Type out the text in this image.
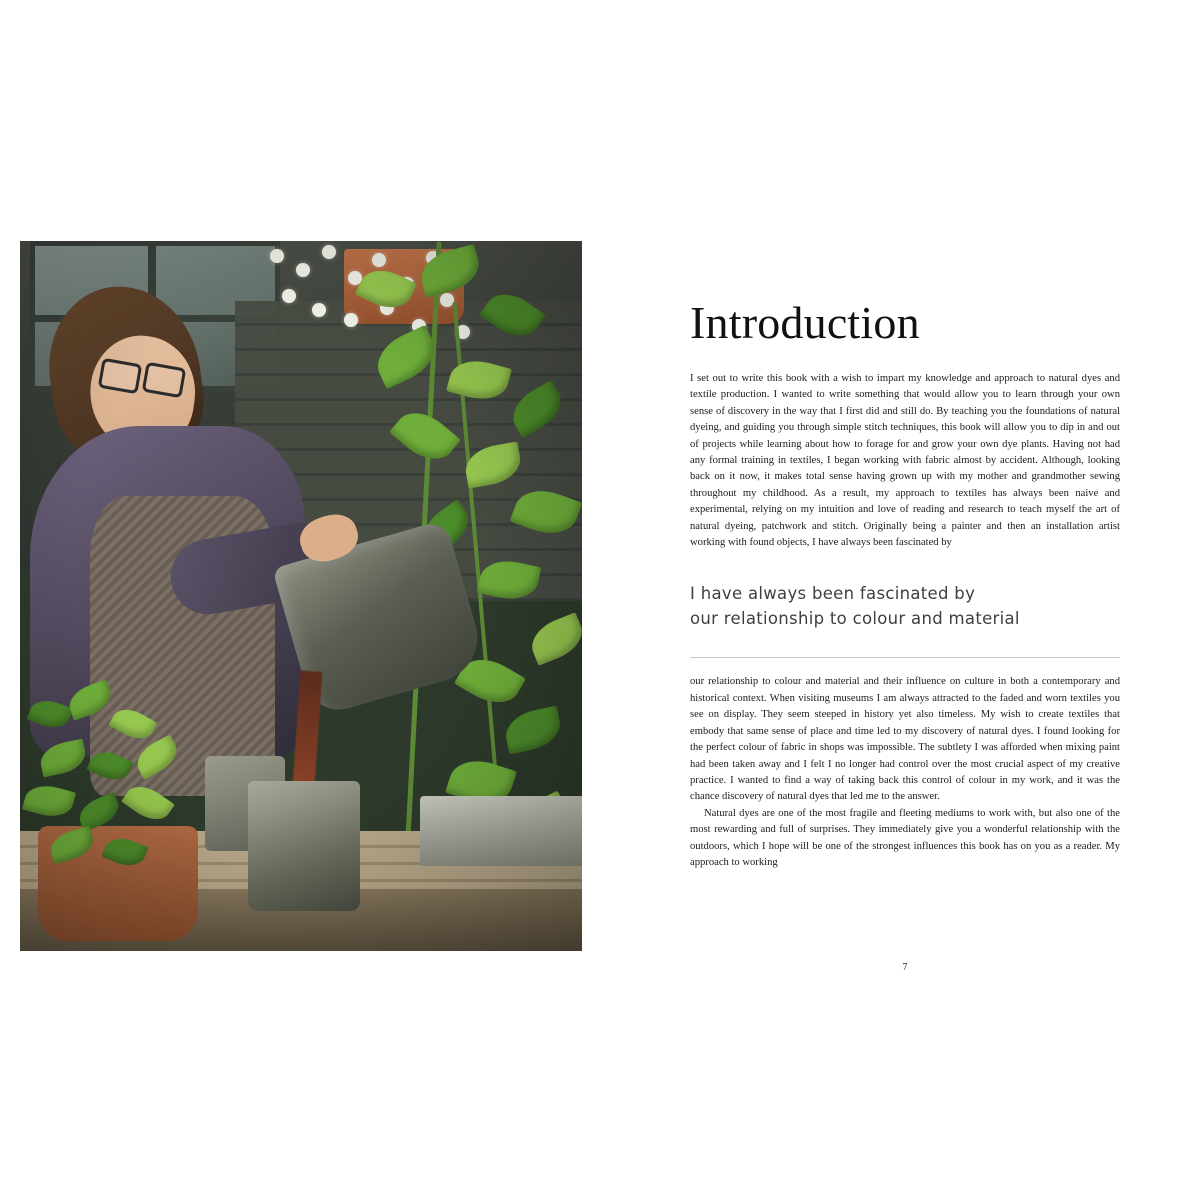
Introduction

I set out to write this book with a wish to impart my knowledge and approach to natural dyes and textile production. I wanted to write something that would allow you to learn through your own sense of discovery in the way that I first did and still do. By teaching you the foundations of natural dyeing, and guiding you through simple stitch techniques, this book will allow you to dip in and out of projects while learning about how to forage for and grow your own dye plants. Having not had any formal training in textiles, I began working with fabric almost by accident. Although, looking back on it now, it makes total sense having grown up with my mother and grandmother sewing throughout my childhood. As a result, my approach to textiles has always been naive and experimental, relying on my intuition and love of reading and research to teach myself the art of natural dyeing, patchwork and stitch. Originally being a painter and then an installation artist working with found objects, I have always been fascinated by

I have always been fascinated by
our relationship to colour and material

our relationship to colour and material and their influence on culture in both a contemporary and historical context. When visiting museums I am always attracted to the faded and worn textiles you see on display. They seem steeped in history yet also timeless. My wish to create textiles that embody that same sense of place and time led to my discovery of natural dyes. I found looking for the perfect colour of fabric in shops was impossible. The subtlety I was afforded when mixing paint had been taken away and I felt I no longer had control over the most crucial aspect of my creative practice. I wanted to find a way of taking back this control of colour in my work, and it was the chance discovery of natural dyes that led me to the answer.

Natural dyes are one of the most fragile and fleeting mediums to work with, but also one of the most rewarding and full of surprises. They immediately give you a wonderful relationship with the outdoors, which I hope will be one of the strongest influences this book has on you as a reader. My approach to working

7
